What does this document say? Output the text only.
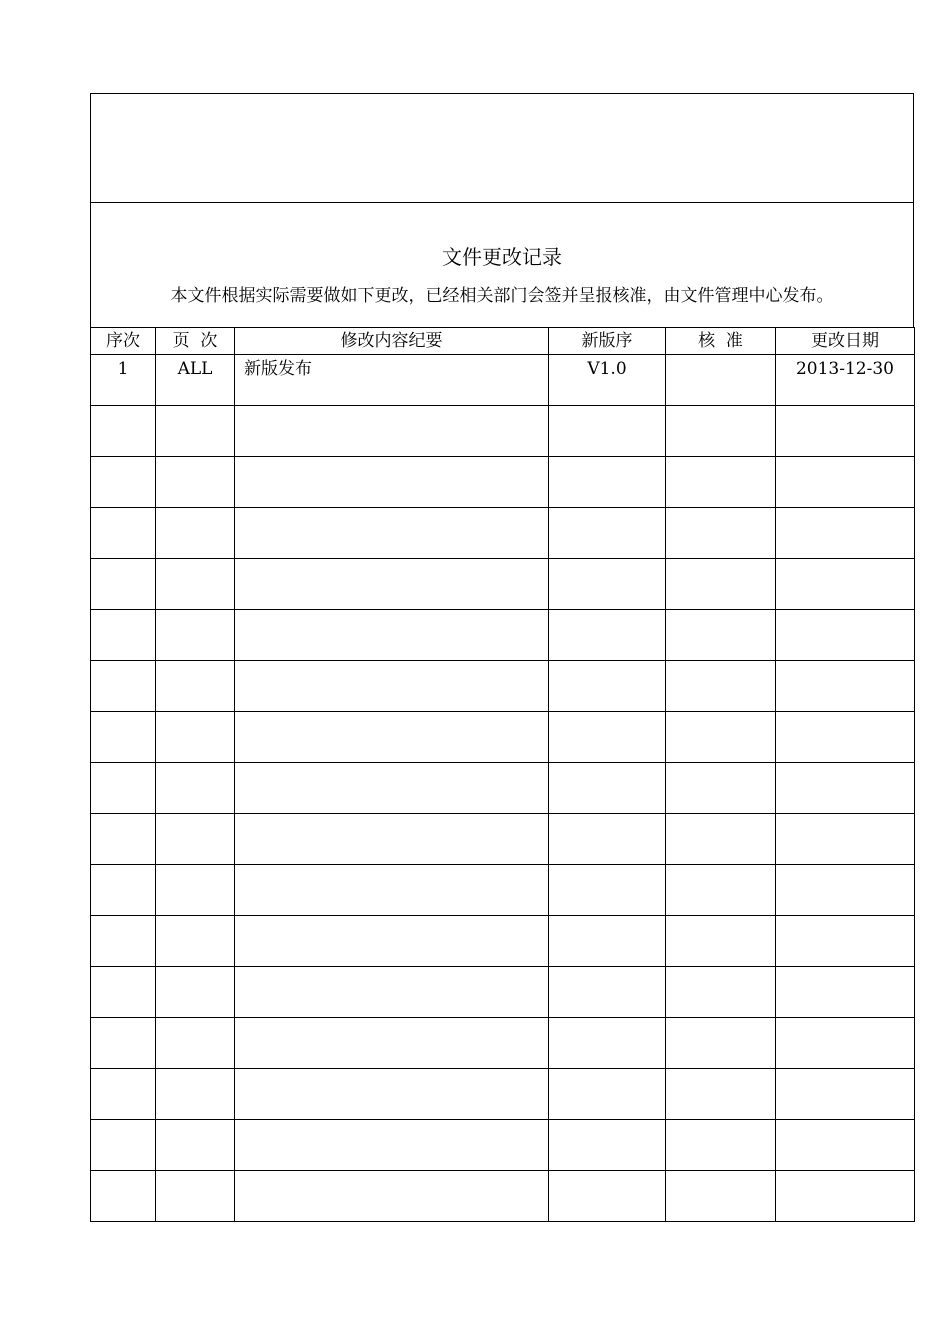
文件更改记录
本文件根据实际需要做如下更改，已经相关部门会签并呈报核准，由文件管理中心发布。
序次	页  次	修改内容纪要	新版序	核  准	更改日期

1	ALL	新版发布	V1.0		2013-12-30
